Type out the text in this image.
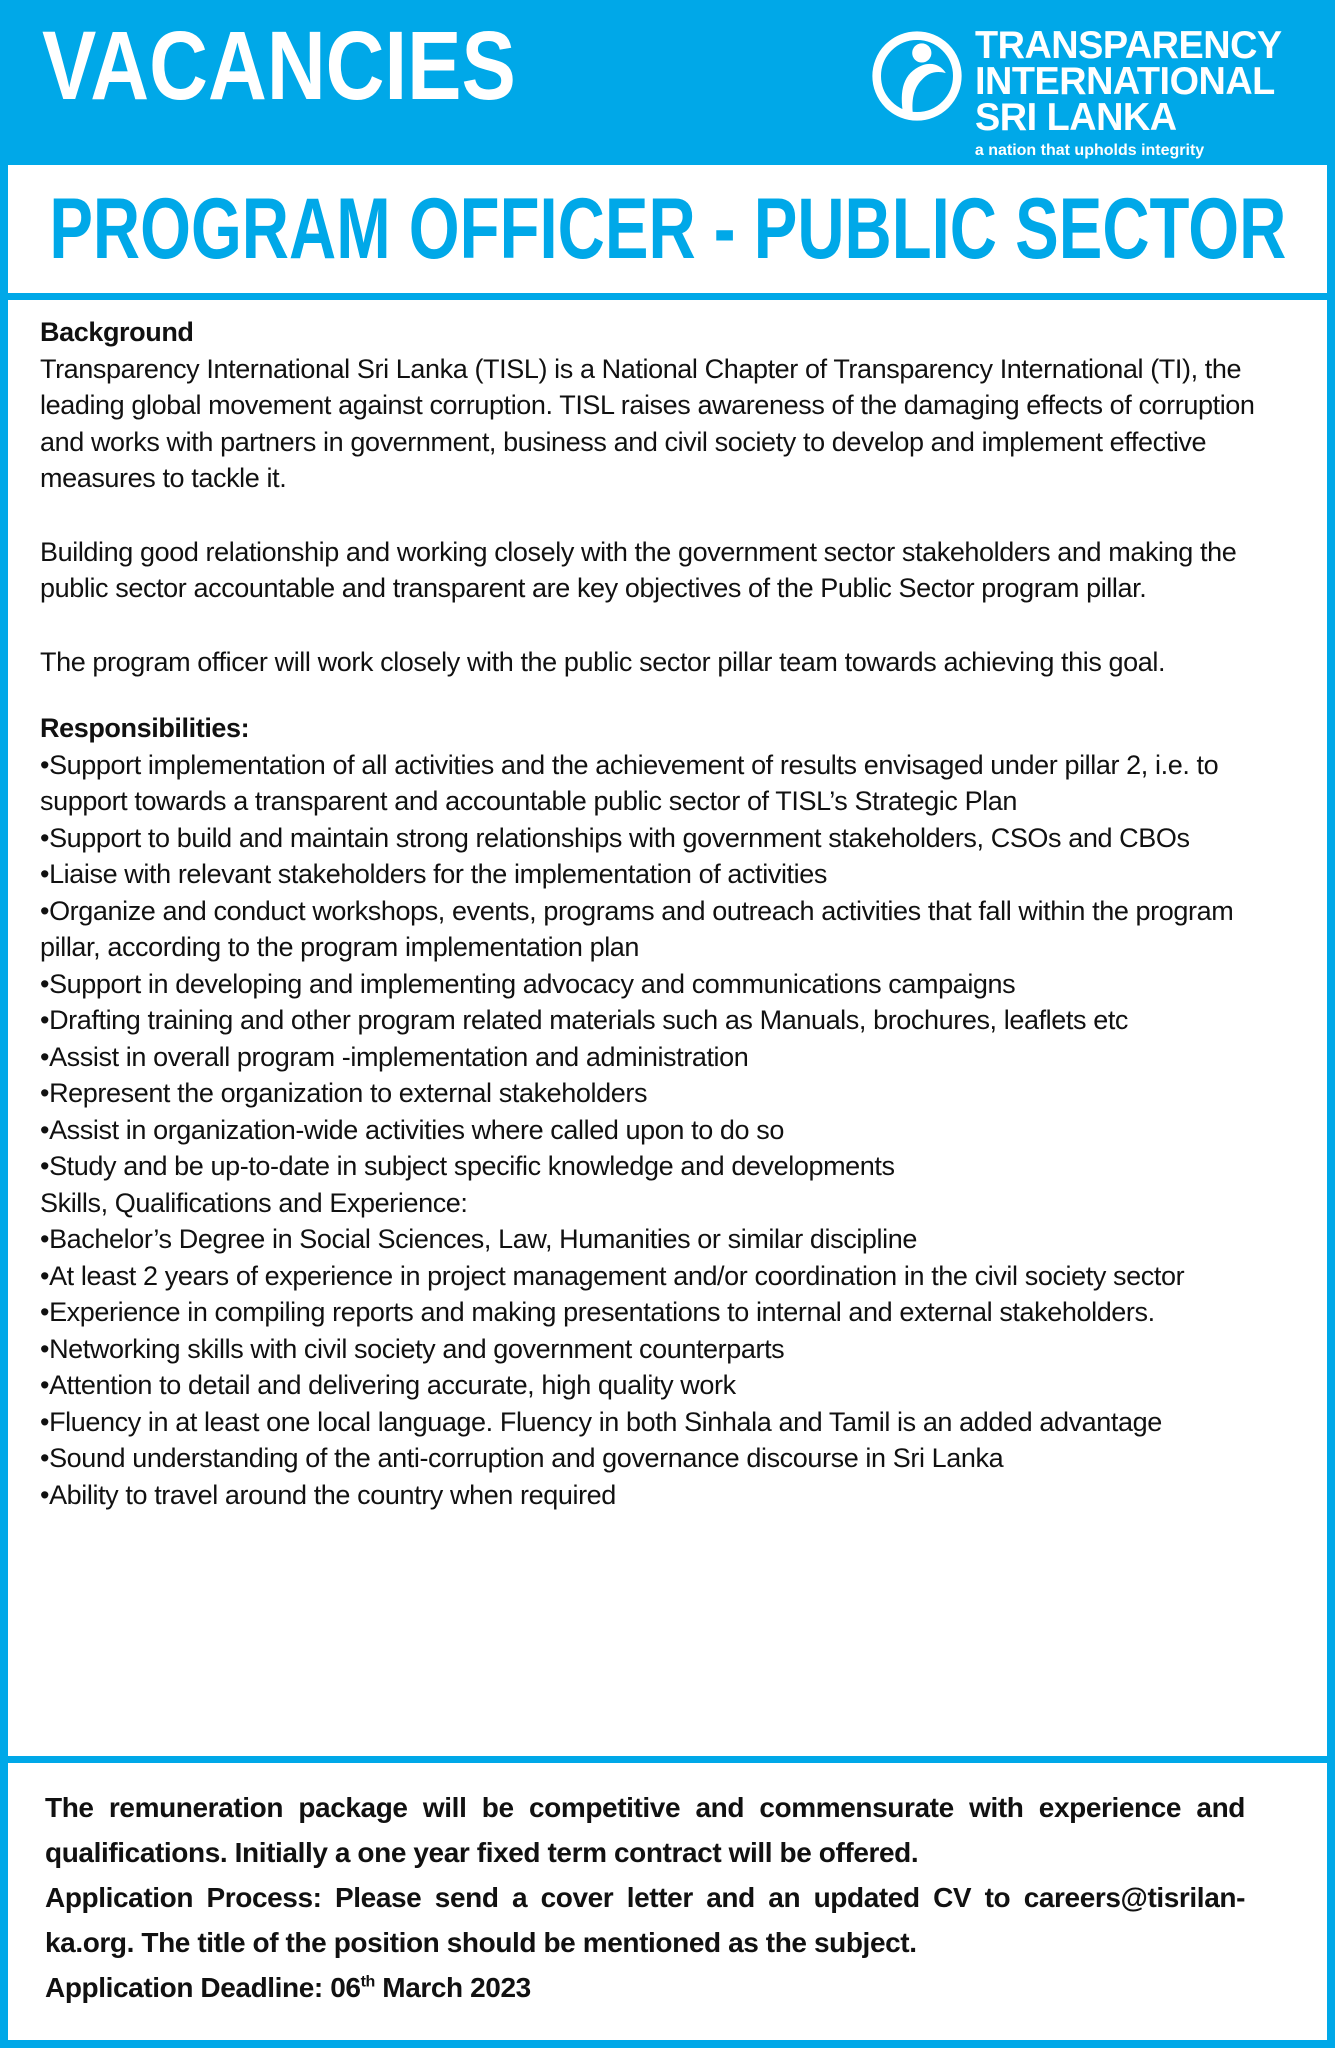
VACANCIES	TRANSPARENCY
INTERNATIONAL
SRI LANKA
a nation that upholds integrity
PROGRAM OFFICER - PUBLIC SECTOR
Background

Transparency International Sri Lanka (TISL) is a National Chapter of Transparency International (TI), the leading global movement against corruption. TISL raises awareness of the damaging effects of corruption and works with partners in government, business and civil society to develop and implement effective measures to tackle it.

Building good relationship and working closely with the government sector stakeholders and making the public sector accountable and transparent are key objectives of the Public Sector program pillar.

The program officer will work closely with the public sector pillar team towards achieving this goal.

Responsibilities:

• Support implementation of all activities and the achievement of results envisaged under pillar 2, i.e. to support towards a transparent and accountable public sector of TISL’s Strategic Plan

• Support to build and maintain strong relationships with government stakeholders, CSOs and CBOs

• Liaise with relevant stakeholders for the implementation of activities

• Organize and conduct workshops, events, programs and outreach activities that fall within the program pillar, according to the program implementation plan

• Support in developing and implementing advocacy and communications campaigns

• Drafting training and other program related materials such as Manuals, brochures, leaflets etc

• Assist in overall program -implementation and administration

• Represent the organization to external stakeholders

• Assist in organization-wide activities where called upon to do so

• Study and be up-to-date in subject specific knowledge and developments

Skills, Qualifications and Experience:

• Bachelor’s Degree in Social Sciences, Law, Humanities or similar discipline

• At least 2 years of experience in project management and/or coordination in the civil society sector

• Experience in compiling reports and making presentations to internal and external stakeholders.

• Networking skills with civil society and government counterparts

• Attention to detail and delivering accurate, high quality work

• Fluency in at least one local language. Fluency in both Sinhala and Tamil is an added advantage

• Sound understanding of the anti-corruption and governance discourse in Sri Lanka

• Ability to travel around the country when required

The remuneration package will be competitive and commensurate with experience and qualifications. Initially a one year fixed term contract will be offered.

Application Process: Please send a cover letter and an updated CV to careers@tisrilan-ka.org. The title of the position should be mentioned as the subject.

Application Deadline: 06th March 2023
